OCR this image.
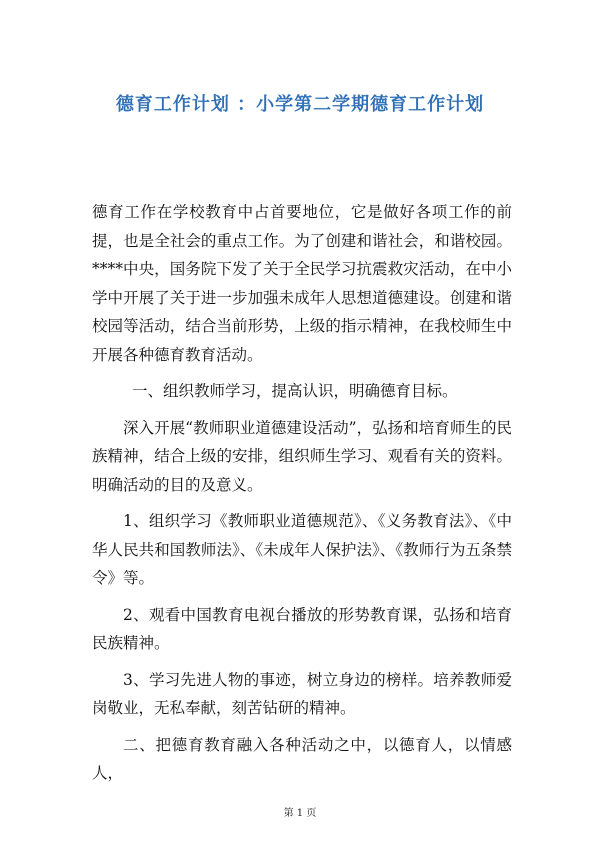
德育工作计划 ：小学第二学期德育工作计划

德育工作在学校教育中占首要地位，它是做好各项工作的前提，也是全社会的重点工作。为了创建和谐社会，和谐校园。****中央，国务院下发了关于全民学习抗震救灾活动，在中小学中开展了关于进一步加强未成年人思想道德建设。创建和谐校园等活动，结合当前形势，上级的指示精神，在我校师生中开展各种德育教育活动。

一、组织教师学习，提高认识，明确德育目标。

深入开展“教师职业道德建设活动”，弘扬和培育师生的民族精神，结合上级的安排，组织师生学习、观看有关的资料。明确活动的目的及意义。

1、组织学习《教师职业道德规范》、《义务教育法》、《中华人民共和国教师法》、《未成年人保护法》、《教师行为五条禁令》等。

2、观看中国教育电视台播放的形势教育课，弘扬和培育民族精神。

3、学习先进人物的事迹，树立身边的榜样。培养教师爱岗敬业，无私奉献，刻苦钻研的精神。

二、把德育教育融入各种活动之中，以德育人，以情感人，

第 1 页
